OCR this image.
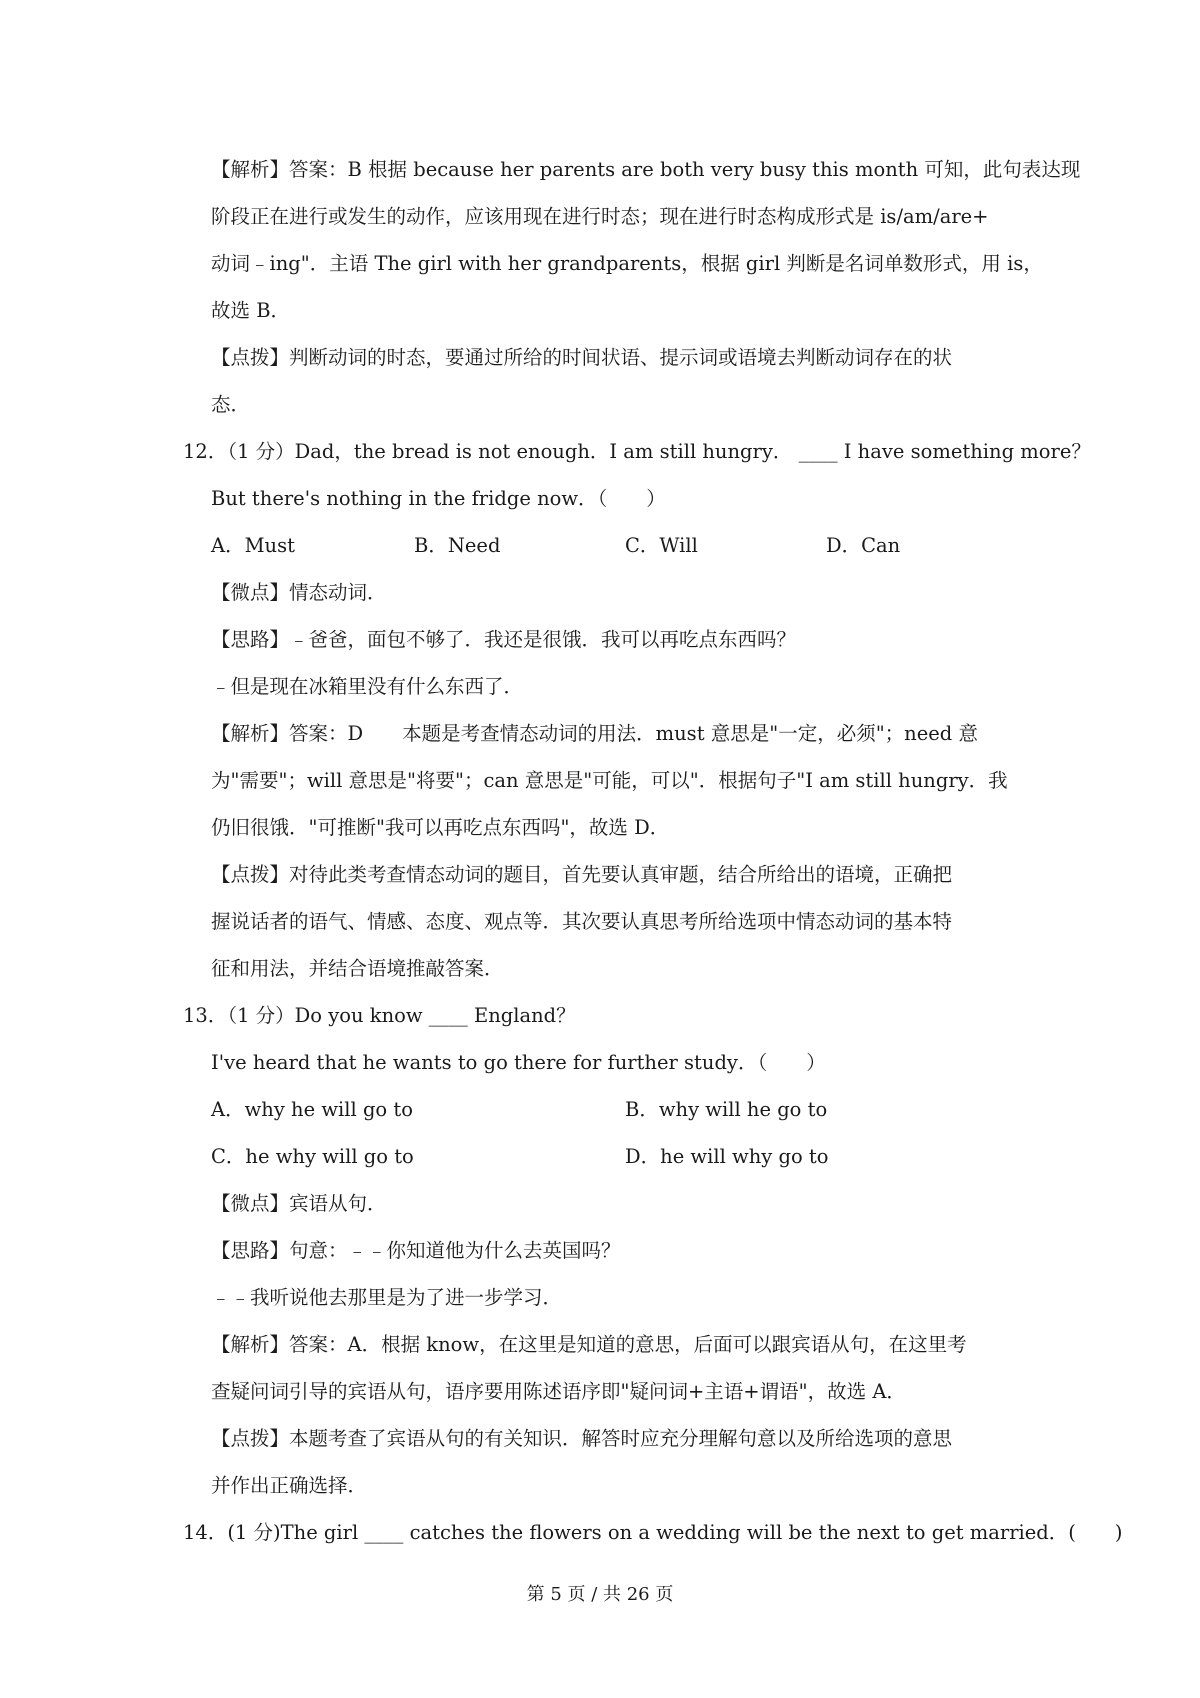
【解析】答案：B 根据 because her parents are both very busy this month 可知，此句表达现
阶段正在进行或发生的动作，应该用现在进行时态；现在进行时态构成形式是 is/am/are+
动词﹣ing"．主语 The girl with her grandparents，根据 girl 判断是名词单数形式，用 is，
故选 B．
【点拨】判断动词的时态，要通过所给的时间状语、提示词或语境去判断动词存在的状
态．
12．（1 分）Dad，the bread is not enough．I am still hungry． ____ I have something more？
But there's nothing in the fridge now．（　　）
A．Must	B．Need	C．Will	D．Can
【微点】情态动词．
【思路】﹣爸爸，面包不够了．我还是很饿．我可以再吃点东西吗？
﹣但是现在冰箱里没有什么东西了．
【解析】答案：D　　本题是考查情态动词的用法．must 意思是"一定，必须"；need 意
为"需要"；will 意思是"将要"；can 意思是"可能，可以"．根据句子"I am still hungry．我
仍旧很饿．"可推断"我可以再吃点东西吗"，故选 D．
【点拨】对待此类考查情态动词的题目，首先要认真审题，结合所给出的语境，正确把
握说话者的语气、情感、态度、观点等．其次要认真思考所给选项中情态动词的基本特
征和用法，并结合语境推敲答案．
13．（1 分）Do you know ____ England？
I've heard that he wants to go there for further study．（　　）
A．why he will go to	B．why will he go to
C．he why will go to	D．he will why go to
【微点】宾语从句．
【思路】句意：﹣﹣你知道他为什么去英国吗？
﹣﹣我听说他去那里是为了进一步学习．
【解析】答案：A．根据 know，在这里是知道的意思，后面可以跟宾语从句，在这里考
查疑问词引导的宾语从句，语序要用陈述语序即"疑问词+主语+谓语"，故选 A．
【点拨】本题考查了宾语从句的有关知识．解答时应充分理解句意以及所给选项的意思
并作出正确选择．
14．(1 分)The girl ____ catches the flowers on a wedding will be the next to get married．(　　)
第 5 页 / 共 26 页
